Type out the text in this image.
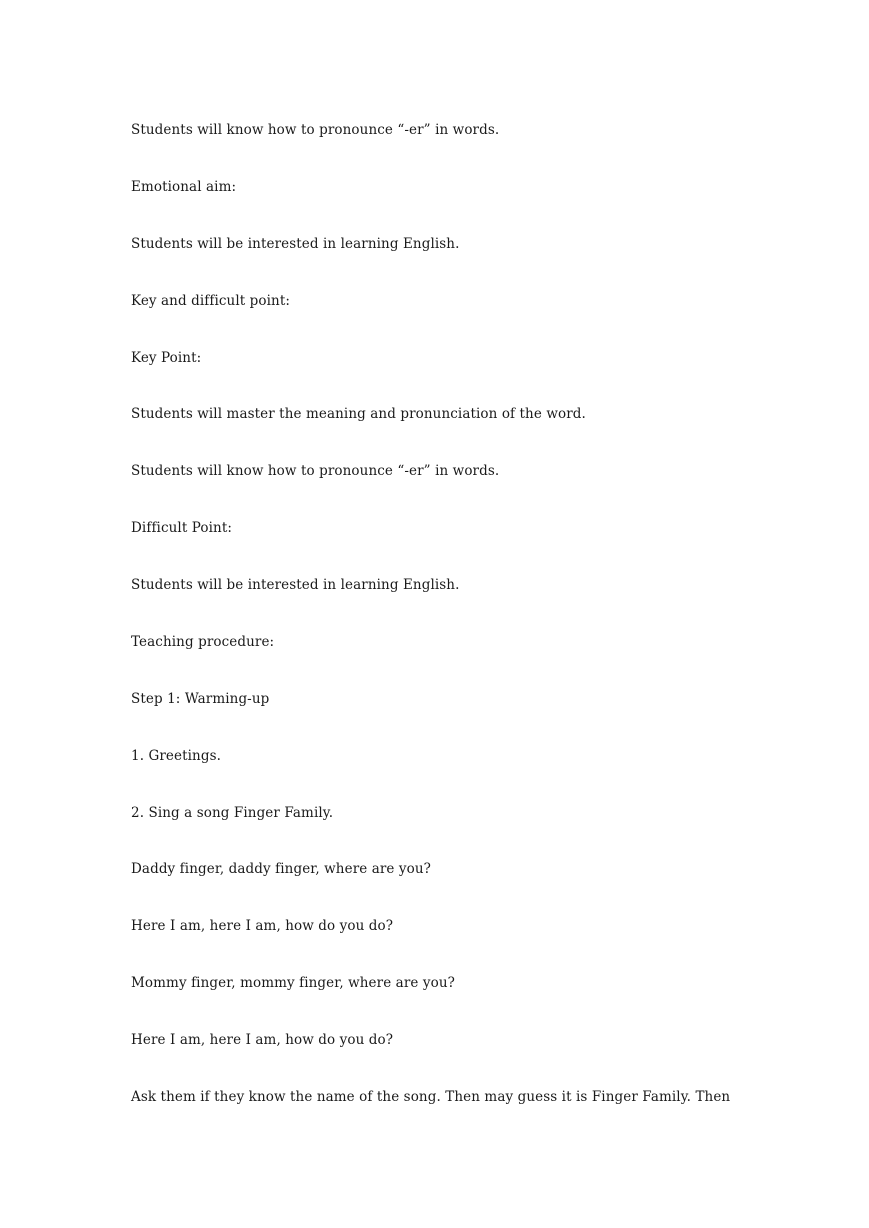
Students will know how to pronounce “-er” in words.
Emotional aim:
Students will be interested in learning English.
Key and difficult point:
Key Point:
Students will master the meaning and pronunciation of the word.
Students will know how to pronounce “-er” in words.
Difficult Point:
Students will be interested in learning English.
Teaching procedure:
Step 1: Warming-up
1. Greetings.
2. Sing a song Finger Family.
Daddy finger, daddy finger, where are you?
Here I am, here I am, how do you do?
Mommy finger, mommy finger, where are you?
Here I am, here I am, how do you do?
Ask them if they know the name of the song. Then may guess it is Finger Family. Then
